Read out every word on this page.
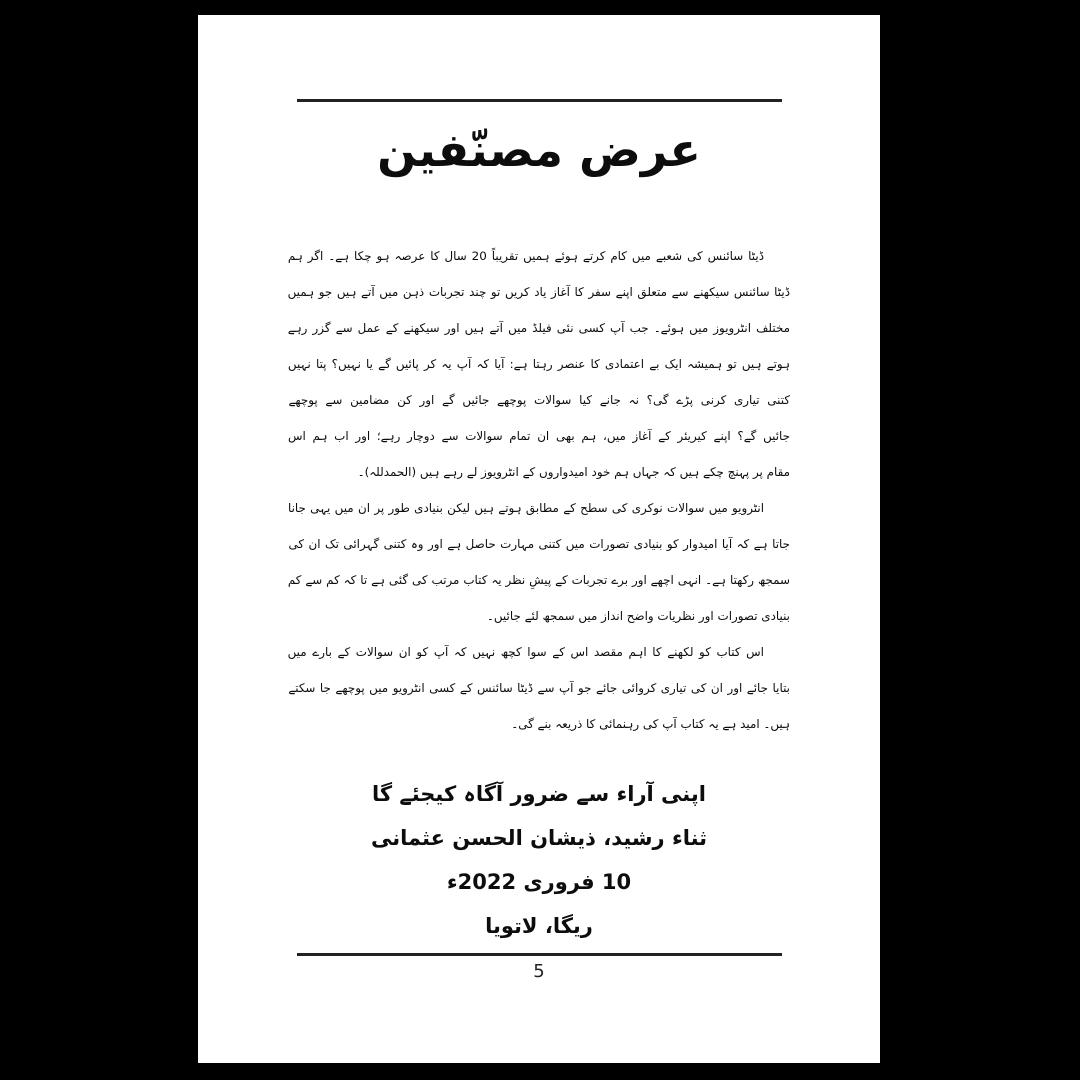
عرض مصنّفین
ڈیٹا سائنس کی شعبے میں کام کرتے ہوئے ہمیں تقریباً 20 سال کا عرصہ ہو چکا ہے۔ اگر ہم
ڈیٹا سائنس سیکھنے سے متعلق اپنے سفر کا آغاز یاد کریں تو چند تجربات ذہن میں آتے ہیں جو ہمیں
مختلف انٹرویوز میں ہوئے۔ جب آپ کسی نئی فیلڈ میں آتے ہیں اور سیکھنے کے عمل سے گزر رہے
ہوتے ہیں تو ہمیشہ ایک بے اعتمادی کا عنصر رہتا ہے: آیا کہ آپ یہ کر پائیں گے یا نہیں؟ پتا نہیں
کتنی تیاری کرنی پڑے گی؟ نہ جانے کیا سوالات پوچھے جائیں گے اور کن مضامین سے پوچھے
جائیں گے؟ اپنے کیریئر کے آغاز میں، ہم بھی ان تمام سوالات سے دوچار رہے؛ اور اب ہم اس
مقام پر پہنچ چکے ہیں کہ جہاں ہم خود امیدواروں کے انٹرویوز لے رہے ہیں (الحمدللہ)۔
انٹرویو میں سوالات نوکری کی سطح کے مطابق ہوتے ہیں لیکن بنیادی طور پر ان میں یہی جانا
جاتا ہے کہ آیا امیدوار کو بنیادی تصورات میں کتنی مہارت حاصل ہے اور وہ کتنی گہرائی تک ان کی
سمجھ رکھتا ہے۔ انہی اچھے اور برے تجربات کے پیشِ نظر یہ کتاب مرتب کی گئی ہے تا کہ کم سے کم
بنیادی تصورات اور نظریات واضح انداز میں سمجھ لئے جائیں۔
اس کتاب کو لکھنے کا اہم مقصد اس کے سوا کچھ نہیں کہ آپ کو ان سوالات کے بارے میں
بتایا جائے اور ان کی تیاری کروائی جائے جو آپ سے ڈیٹا سائنس کے کسی انٹرویو میں پوچھے جا سکتے
ہیں۔ امید ہے یہ کتاب آپ کی رہنمائی کا ذریعہ بنے گی۔
اپنی آراء سے ضرور آگاہ کیجئے گا
ثناء رشید، ذیشان الحسن عثمانی
10 فروری 2022ء
ریگا، لاتویا
5
